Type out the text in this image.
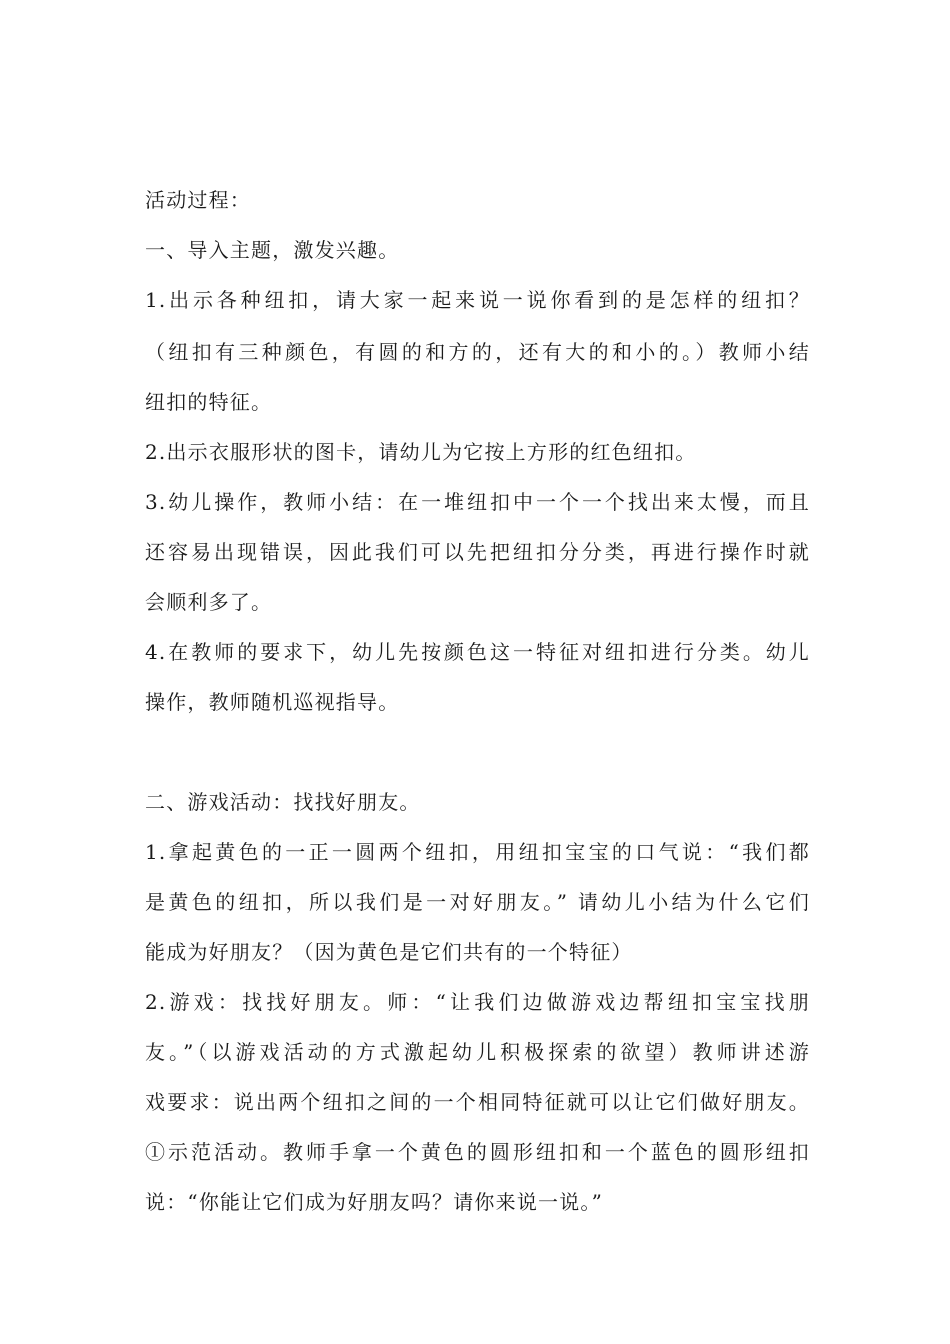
活动过程：
一、导入主题，激发兴趣。
1.出示各种纽扣，请大家一起来说一说你看到的是怎样的纽扣？
（纽扣有三种颜色，有圆的和方的，还有大的和小的。）教师小结
纽扣的特征。
2.出示衣服形状的图卡，请幼儿为它按上方形的红色纽扣。
3.幼儿操作，教师小结：在一堆纽扣中一个一个找出来太慢，而且
还容易出现错误，因此我们可以先把纽扣分分类，再进行操作时就
会顺利多了。
4.在教师的要求下，幼儿先按颜色这一特征对纽扣进行分类。幼儿
操作，教师随机巡视指导。
二、游戏活动：找找好朋友。
1.拿起黄色的一正一圆两个纽扣，用纽扣宝宝的口气说：“我们都
是黄色的纽扣，所以我们是一对好朋友。” 请幼儿小结为什么它们
能成为好朋友？（因为黄色是它们共有的一个特征）
2.游戏：找找好朋友。师：“让我们边做游戏边帮纽扣宝宝找朋
友。”（以游戏活动的方式激起幼儿积极探索的欲望）教师讲述游
戏要求：说出两个纽扣之间的一个相同特征就可以让它们做好朋友。
①示范活动。教师手拿一个黄色的圆形纽扣和一个蓝色的圆形纽扣
说：“你能让它们成为好朋友吗？请你来说一说。”
